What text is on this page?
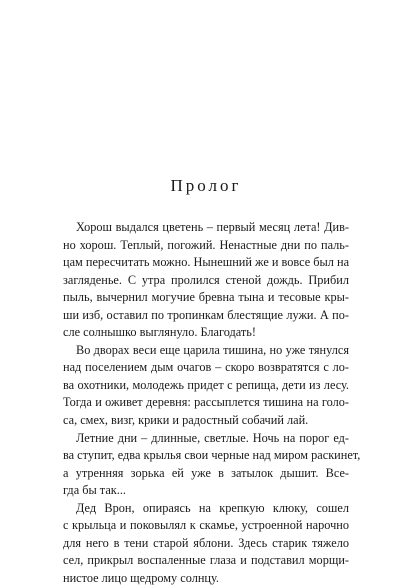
Пролог
Хорош выдался цветень – первый месяц лета! Див-
но хорош. Теплый, погожий. Ненастные дни по паль-
цам пересчитать можно. Нынешний же и вовсе был на
загляденье. С утра пролился стеной дождь. Прибил
пыль, вычернил могучие бревна тына и тесовые кры-
ши изб, оставил по тропинкам блестящие лужи. А по-
сле солнышко выглянуло. Благодать!
Во дворах веси еще царила тишина, но уже тянулся
над поселением дым очагов – скоро возвратятся с ло-
ва охотники, молодежь придет с репища, дети из лесу.
Тогда и оживет деревня: рассыплется тишина на голо-
са, смех, визг, крики и радостный собачий лай.
Летние дни – длинные, светлые. Ночь на порог ед-
ва ступит, едва крылья свои черные над миром раскинет,
а утренняя зорька ей уже в затылок дышит. Все-
гда бы так...
Дед Врон, опираясь на крепкую клюку, сошел
с крыльца и поковылял к скамье, устроенной нарочно
для него в тени старой яблони. Здесь старик тяжело
сел, прикрыл воспаленные глаза и подставил морщи-
нистое лицо щедрому солнцу.
